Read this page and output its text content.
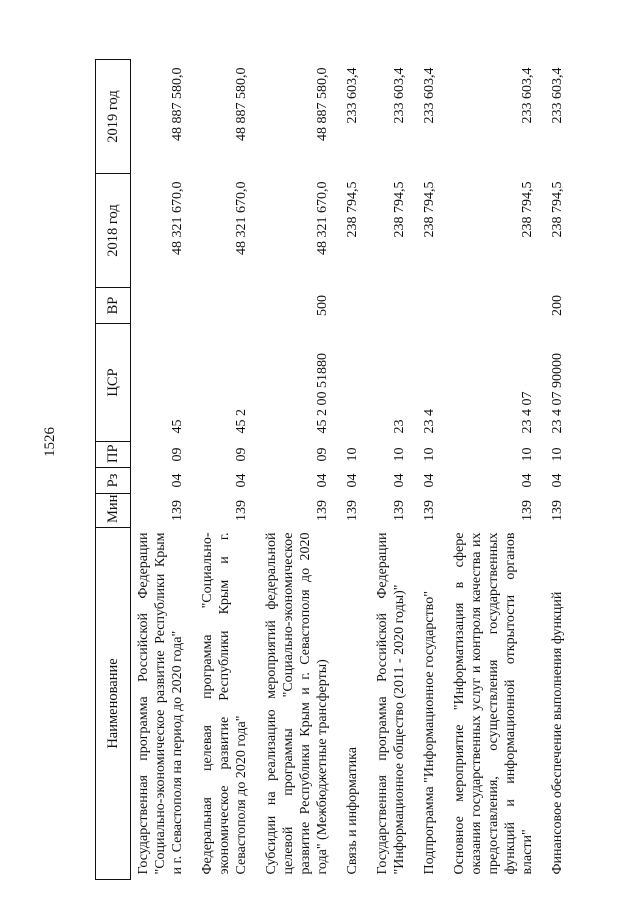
1526
Наименование	Мин	Рз	ПР	ЦСР	ВР	2018 год	2019 год
Государственная программа Российской Федерации "Социально-экономическое развитие Республики Крым и г. Севастополя на период до 2020 года"	139	04	09	45		48 321 670,0	48 887 580,0
Федеральная целевая программа "Социально-экономическое развитие Республики Крым и г. Севастополя до 2020 года"	139	04	09	45 2		48 321 670,0	48 887 580,0
Субсидии на реализацию мероприятий федеральной целевой программы "Социально-экономическое развитие Республики Крым и г. Севастополя до 2020 года" (Межбюджетные трансферты)	139	04	09	45 2 00 51880	500	48 321 670,0	48 887 580,0
Связь и информатика	139	04	10			238 794,5	233 603,4
Государственная программа Российской Федерации "Информационное общество (2011 - 2020 годы)"	139	04	10	23		238 794,5	233 603,4
Подпрограмма "Информационное государство"	139	04	10	23 4		238 794,5	233 603,4
Основное мероприятие "Информатизация в сфере оказания государственных услуг и контроля качества их предоставления, осуществления государственных функций и информационной открытости органов власти"	139	04	10	23 4 07		238 794,5	233 603,4
Финансовое обеспечение выполнения функций	139	04	10	23 4 07 90000	200	238 794,5	233 603,4
